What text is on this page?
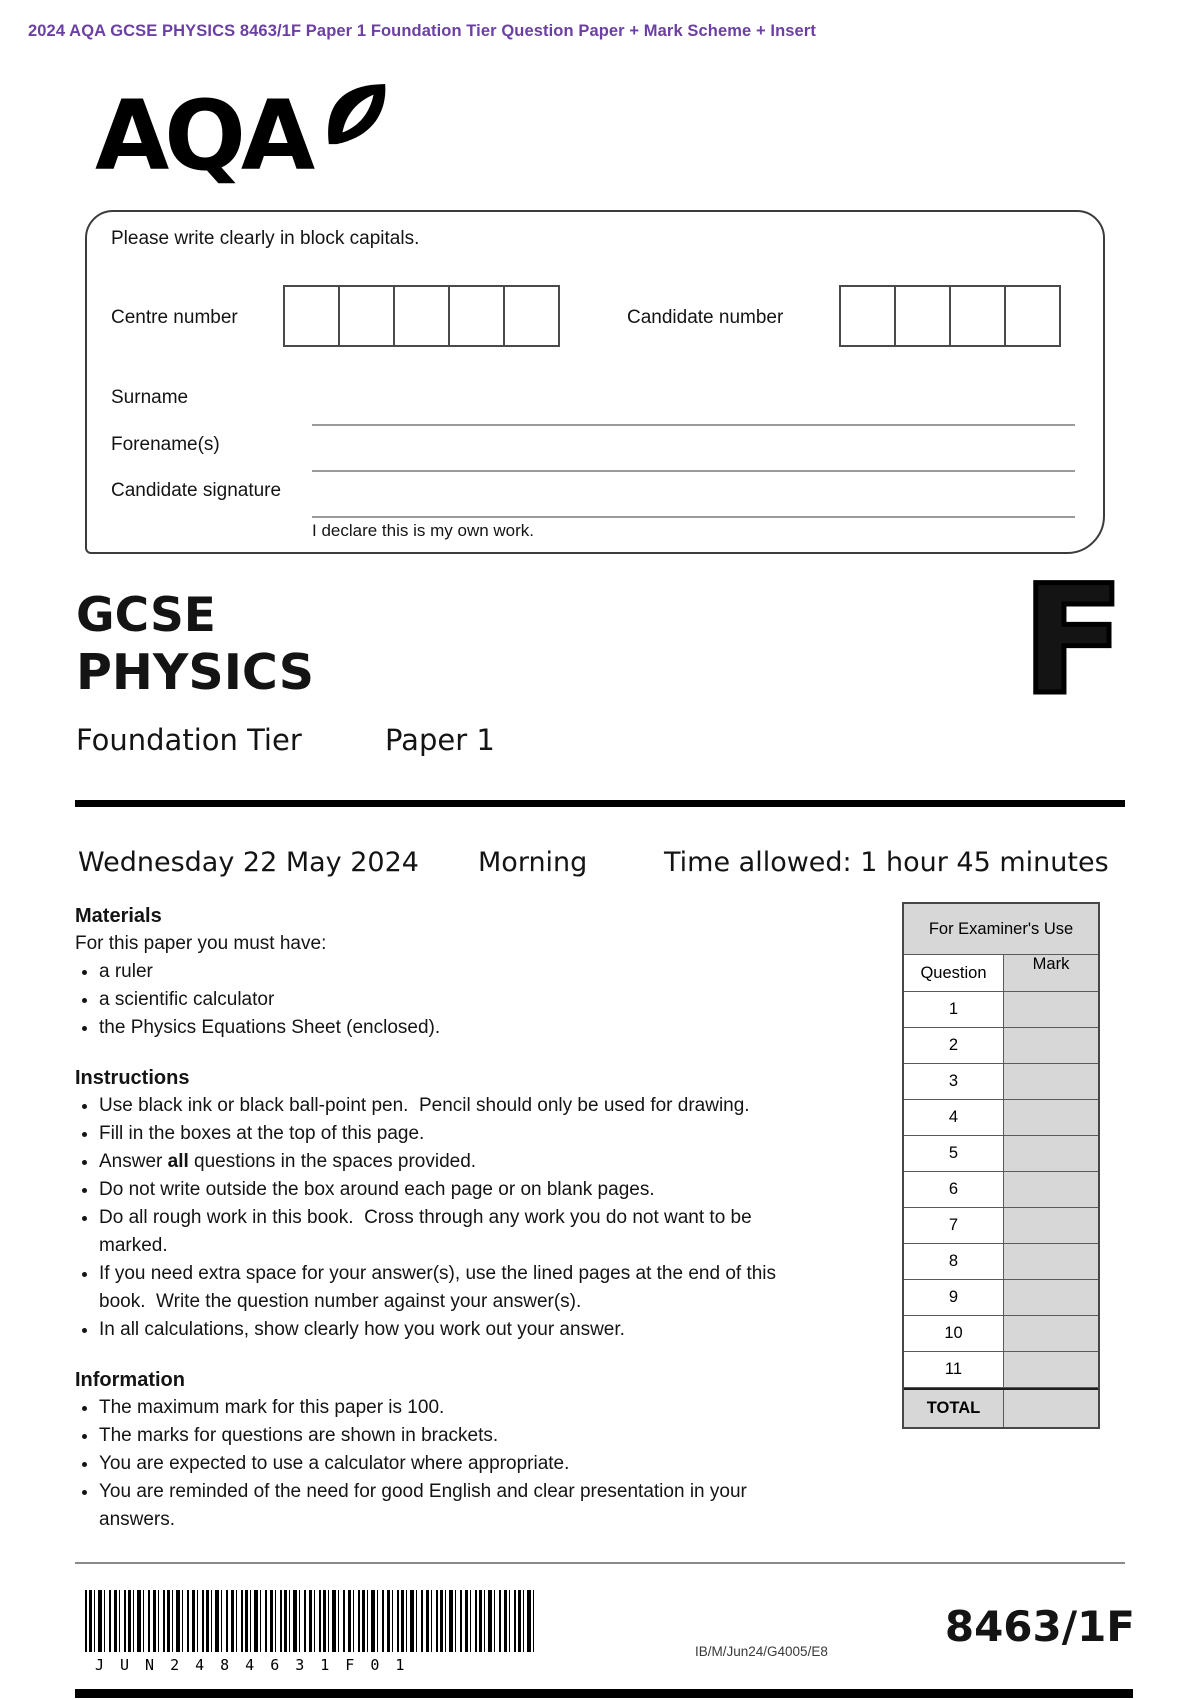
2024 AQA GCSE PHYSICS 8463/1F Paper 1 Foundation Tier Question Paper + Mark Scheme + Insert
AQA
Please write clearly in block capitals.
Centre number	Candidate number
Surname
Forename(s)
Candidate signature
I declare this is my own work.
GCSE
PHYSICS	F
Foundation Tier	Paper 1
Wednesday 22 May 2024 Morning	Time allowed: 1 hour 45 minutes
Materials

For this paper you must have:

• a ruler
• a scientific calculator
• the Physics Equations Sheet (enclosed).
Instructions
• Use black ink or black ball-point pen.  Pencil should only be used for drawing.
• Fill in the boxes at the top of this page.
• Answer all questions in the spaces provided.
• Do not write outside the box around each page or on blank pages.
• Do all rough work in this book.  Cross through any work you do not want to be marked.
• If you need extra space for your answer(s), use the lined pages at the end of this book.  Write the question number against your answer(s).
• In all calculations, show clearly how you work out your answer.
Information
• The maximum mark for this paper is 100.
• The marks for questions are shown in brackets.
• You are expected to use a calculator where appropriate.
• You are reminded of the need for good English and clear presentation in your answers.
For Examiner's Use
Question	Mark
1
2
3
4
5
6
7
8
9
10
11
TOTAL
JUN2484631F01
IB/M/Jun24/G4005/E8
8463/1F
